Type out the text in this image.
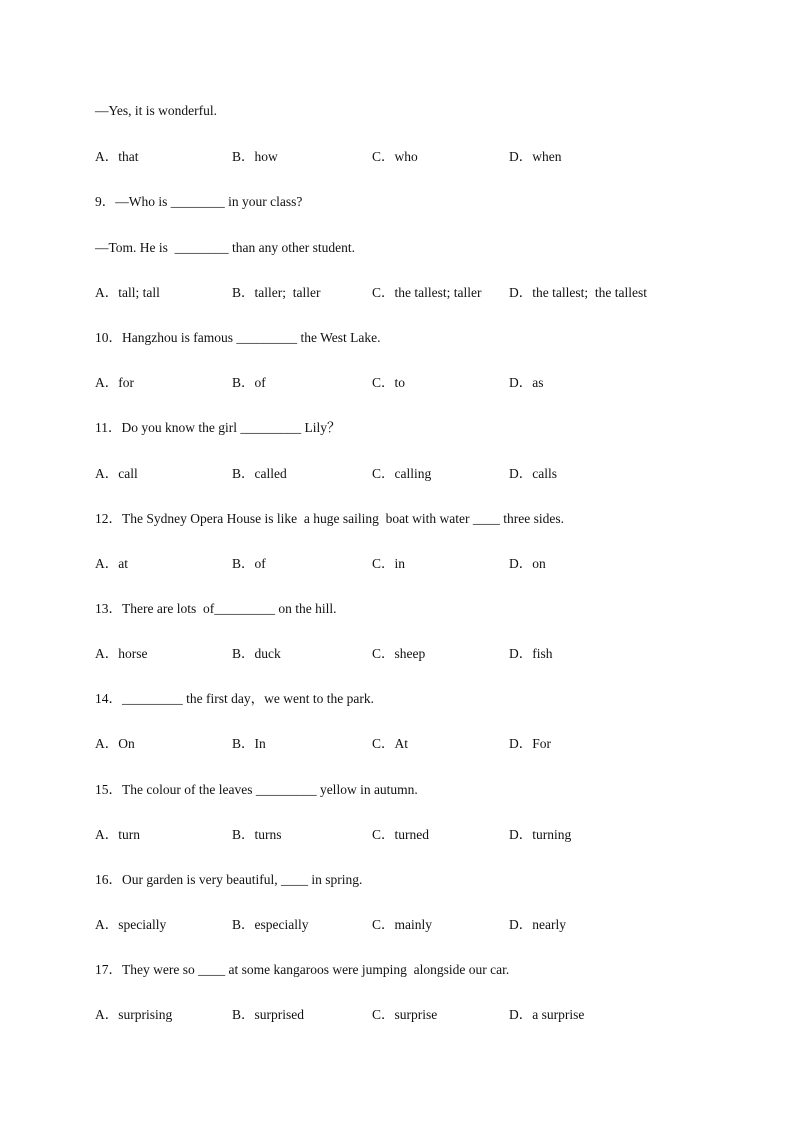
—Yes, it is wonderful.
A．that	B．how	C．who	D．when
9．—Who is ________ in your class?
—Tom. He is  ________ than any other student.
A．tall; tall	B．taller;  taller	C．the tallest; taller D．the tallest;  the tallest
10．Hangzhou is famous _________ the West Lake.
A．for	B．of	C．to	D．as
11．Do you know the girl _________ Lily？
A．call	B．called	C．calling	D．calls
12．The Sydney Opera House is like  a huge sailing  boat with water ____ three sides.
A．at	B．of	C．in	D．on
13．There are lots  of_________ on the hill.
A．horse	B．duck	C．sheep	D．fish
14．_________ the first day，we went to the park.
A．On	B．In	C．At	D．For
15．The colour of the leaves _________ yellow in autumn.
A．turn	B．turns	C．turned	D．turning
16．Our garden is very beautiful, ____ in spring.
A．specially	B．especially	C．mainly	D．nearly
17．They were so ____ at some kangaroos were jumping  alongside our car.
A．surprising	B．surprised	C．surprise	D．a surprise
